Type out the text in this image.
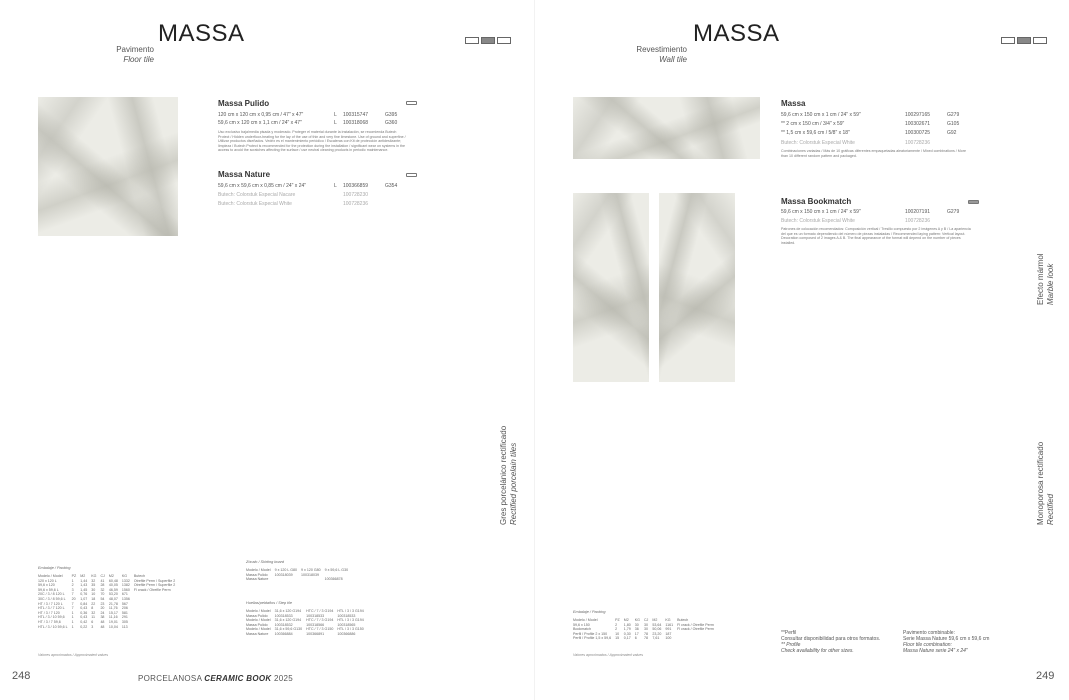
MASSA
Pavimento
Floor tile
Massa Pulido
120 cm x 120 cm x 0,95 cm / 47" x 47"	L 100315747	G395
59,6 cm x 120 cm x 1,1 cm / 24" x 47"	L 100318068	G360
Uso exclusivo baja/media pisada y moderado. Proteger el material durante la instalación, se recomienda Butech Protect / Hidden underfloor-heating for the lay of the use of thin and very fine limestone. Use of ground and superfine / Utilizar productos diseñados. Vedrix es el mantenimiento periódico / Escaleras con Kit de protección antideslizante; limpieza / Butech Protect is recommended for the protection during the installation / significant wear on systems in the access to avoid the scratches affecting the surface / use neutral cleaning products in periodic maintenance.
Massa Nature
59,6 cm x 59,6 cm x 0,85 cm / 24" x 24"	L 100366859	G354
Butech: Colorstuk Especial Nacare	100728230
Butech: Colorstuk Especial White	100728236
Embalaje / Packing
Modelo / Model	PZ	M2	KG	CJ	M2	KG	Butech
120 x 120 L	1	1,44	32	41	60,48	1332	Otrefile Perm / Superfile 2
59,6 x 120	2	1,43	35	28	40,05	1382	Otrefile Perm / Superfile 2
59,6 x 59,6 L	3	1,45	30	32	46,59	1560	Fl crack / Otrefile Perm
20C / 3 / 8 120 L	7	0,76	10	70	53,20	671	
30C / 3 / 8 59,6 L	20	1,07	18	54	48,07	1356	
HT / 3 / 7 120 L	7	0,84	22	23	21,78	567	
HTL / 3 / 7 120 L	7	0,43	8	20	11,76	206	
HT / 3 / 7 120	1	0,36	32	24	15,17	581	
HTL / 3 / 10 59,6	1	0,43	11	38	11,16	291	
HT / 3 / 7 59,6	1	0,42	6	48	19,01	305	
HTL / 3 / 10 59,6 L	1	0,22	3	48	10,04	113	
Valores aproximados / Approximated values
Zócalo / Skirting board
Modelo / Model	9 x 120 L G80	9 x 120 G80	9 x 59,6 L G30
Massa Pulido	100318039	100318039	
Massa Nature			100366878
Huellas/peldaños / Step tile
Modelo / Model	31,6 x 120 G194	HTC / 7 / 3 G194	HTL / 3 / 3 G194
Massa Pulido	100318533	100318533	100318533
Modelo / Model	31,6 x 120 G194	HTC / 7 / 3 G194	HTL / 3 / 3 G194
Massa Pulido	100318532	100318566	100318565
Modelo / Model	31,6 x 59,6 G130	HTC / 7 / 3 G150	HTL / 3 / 3 G150
Massa Nature	100366884	100366891	100366886
Gres porcelánico rectificado
Rectified porcelain tiles
248	PORCELANOSA CERAMIC BOOK 2025
MASSA
Revestimiento
Wall tile
Massa
59,6 cm x 150 cm x 1 cm / 24" x 59"	100297165	G279
** 2 cm x 150 cm / 3/4" x 59"	100302671	G105
** 1,5 cm x 59,6 cm / 5/8" x 18"	100300725	G92
Butech: Colorstuk Especial White	100728236
Combinaciones variadas / Más de 10 gráficas diferentes empaquetadas aleatoriamente / Mixed combinations / More than 10 different random pattern and packaged.
Massa Bookmatch
59,6 cm x 150 cm x 1 cm / 24" x 59"	100207191	G279
Butech: Colorstuk Especial White	100728236
Patrones de colocación recomendados: Composición vertical / Tresillo compuesto por 2 imágenes A y B / La apariencia del que es un formato dependiendo del número de piezas instaladas / Recommended laying pattern: Vertical layout. Decoration composed of 2 images A & B. The final appearance of the format will depend on the number of pieces installed.
Embalaje / Packing
Modelo / Model	PZ	M2	KG	CJ	M2	KG	Butech
59,6 x 150	2	1,80	30	30	53,64	1161	Fl crack / Otrefile Perm
Bookmatch	2	1,79	36	30	50,06	991	Fl crack / Otrefile Perm
Perfil / Profile 2 x 150	10	0,30	17	78	23,20	187	
Perfil / Profile 1,5 x 59,6	15	0,17	6	78	7,61	100	
Valores aproximados / Approximated values
**Perfil
Consultar disponibilidad para otros formatos.
** Profile
Check availability for other sizes.
Pavimento combinable:
Serie Massa Nature 59,6 cm x 59,6 cm
Floor tile combination:
Massa Nature serie 24" x 24"
Efecto mármol
Marble look
Monoporosa rectificado
Rectified
249
